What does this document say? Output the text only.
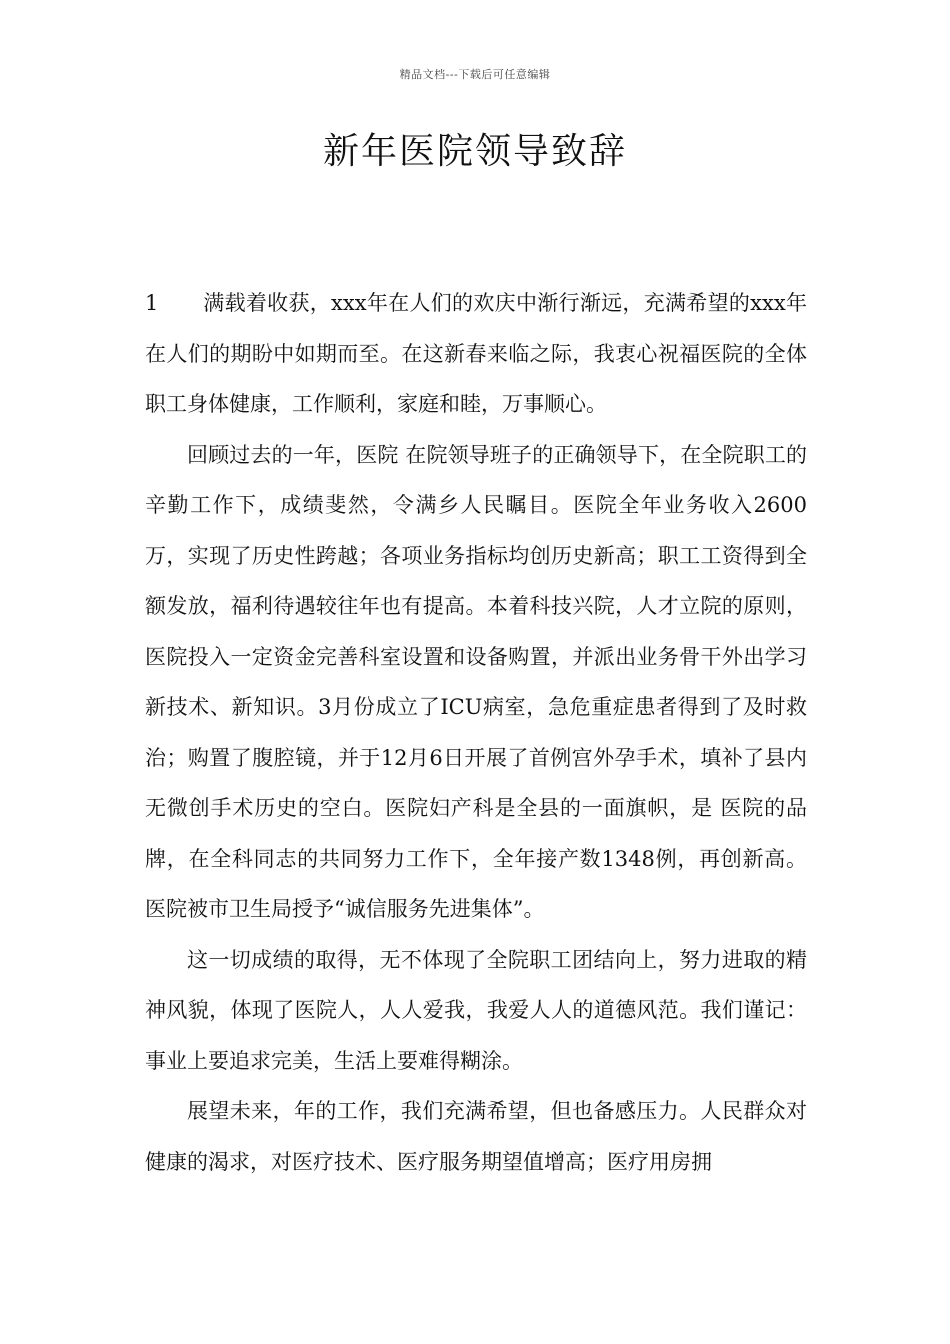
精品文档---下载后可任意编辑
新年医院领导致辞

1 满载着收获，xxx年在人们的欢庆中渐行渐远，充满希望的xxx年在人们的期盼中如期而至。在这新春来临之际，我衷心祝福医院的全体职工身体健康，工作顺利，家庭和睦，万事顺心。

回顾过去的一年，医院 在院领导班子的正确领导下，在全院职工的辛勤工作下，成绩斐然，令满乡人民瞩目。医院全年业务收入2600万，实现了历史性跨越；各项业务指标均创历史新高；职工工资得到全额发放，福利待遇较往年也有提高。本着科技兴院，人才立院的原则，医院投入一定资金完善科室设置和设备购置，并派出业务骨干外出学习新技术、新知识。3月份成立了ICU病室，急危重症患者得到了及时救治；购置了腹腔镜，并于12月6日开展了首例宫外孕手术，填补了县内无微创手术历史的空白。医院妇产科是全县的一面旗帜，是 医院的品牌，在全科同志的共同努力工作下，全年接产数1348例，再创新高。医院被市卫生局授予“诚信服务先进集体”。

这一切成绩的取得，无不体现了全院职工团结向上，努力进取的精神风貌，体现了医院人，人人爱我，我爱人人的道德风范。我们谨记：事业上要追求完美，生活上要难得糊涂。

展望未来，年的工作，我们充满希望，但也备感压力。人民群众对健康的渴求，对医疗技术、医疗服务期望值增高；医疗用房拥
